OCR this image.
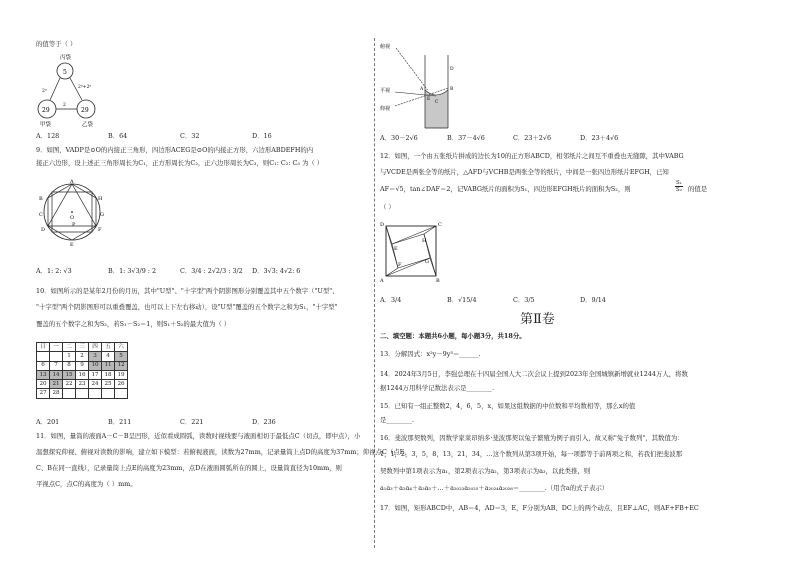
的值等于（ ）
丙袋
5
29	29
2ⁿ+2ⁿ
2
2ⁿ
甲袋	乙袋
A．128	B．64	C．32	D．16
9．如图，VADP是⊙O的内接正三角形，四边形ACEG是⊙O的内接正方形，六边形ABDEFH的内
接正六边形，设上述正三角形周长为C₁，正方形周长为C₂，正六边形周长为C₃，则C₁: C₂: C₃ 为（ ）
A
B
C
D
E
F
G
H
P
O
A．1: 2: √3	B．1: 3√3/9 : 2	C．3/4 : 2√2/3 : 3/2 D．3√3: 4√2: 6
10．如图所示的是某年2月份的月历，其中"U型"、"十字型"两个阴影图形分别覆盖其中五个数字（"U型"、
"十字型"两个阴影图形可以重叠覆盖，也可以上下左右移动），设"U型"覆盖的五个数字之和为S₁，"十字型"
覆盖的五个数字之和为S₂，若S₁－S₂＝1，则S₁＋S₂的最大值为（ ）
日	一	二	三	四	五	六
		1	2	3	4	5
6	7	8	9	10	11	12
13	14	15	16	17	18	19
20	21	22	23	24	25	26
27	28					
A．201	B．211	C．221	D．236
11．如图，量筒的液面A－C－B呈凹形，近似看成圆弧，读数时视线要与液面相切于最低点C（切点，即中点），小
温想探究仰视、俯视对读数的影响，建立如下模型：若俯视液面，读数为27mm，记录量筒上点D的高度为37mm；仰视点C（点E、
C、B在同一直线），记录量筒上点E的高度为23mm，点D在液面圆弧所在的圆上，设量筒直径为10mm，则
平视点C，点C的高度为（ ）mm。
俯视
平视
仰视
A	B
C
D
E
A．30－2√6	B．37－4√6	C．23＋2√6	D．23＋4√6
12．如图，一个由五张纸片拼成的边长为10的正方形ABCD，相邻纸片之间互不重叠也无缝隙，其中VABG
与VCDE是两张全等的纸片，△AFD与VCHB是两张全等的纸片，中间是一张四边形纸片EFGH，已知
AF＝√5，tan∠DAF＝2，记VABG纸片的面积为S₁，四边形EFGH纸片的面积为S₂，则
S₁
S₂ 的值是
（ ）
D	C
A	B
E
F	G
H
A．3/4	B．√15/4	C．3/5	D．9/14
第Ⅱ卷
二、填空题：本题共6小题，每小题3分，共18分。
13．分解因式：x²y－9y³＝______.
14．2024年3月5日，李强总理在十四届全国人大二次会议上提到2023年全国城镇新增就业1244万人，将数
据1244万用科学记数法表示是________.
15．已知有一组正整数2，4，6，5，x，如果这组数据的中位数和平均数相等，那么x的值
是________.
16．斐波那契数列，因数学家莱昂纳多·斐波那契以兔子繁殖为例子而引入，故又称"兔子数列"，其数值为：
1，1，2，3，5，8，13，21，34，…这个数列从第3项开始，每一项都等于前两项之和，若我们把斐波那
契数列中第1项表示为a₁，第2项表示为a₂，第3项表示为a₃，以此类推，则
a₁a₃＋a₂a₄＋a₃a₅＋…＋a₂₀₂₃a₂₀₂₅＋a₂₀₂₄a₂₀₂₆＝________.（用含a的式子表示）
17．如图，矩形ABCD中，AB＝4，AD＝3，E，F分别为AB、DC上的两个动点，且EF⊥AC，则AF+FB+EC
